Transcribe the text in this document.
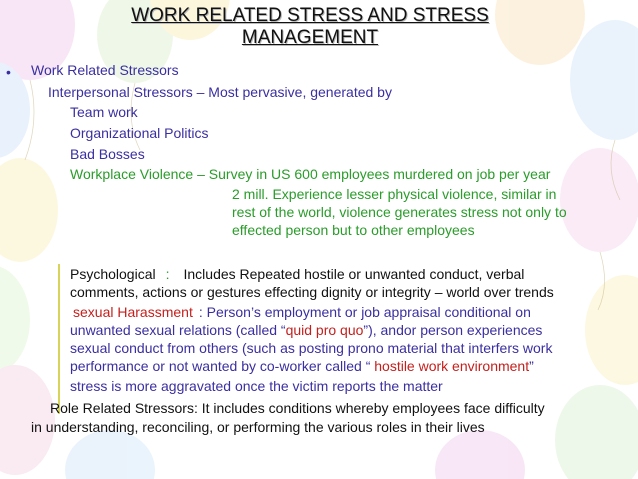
WORK RELATED STRESS AND STRESS
MANAGEMENT
• Work Related Stressors
Interpersonal Stressors – Most pervasive, generated by
Team work
Organizational Politics
Bad Bosses
Workplace Violence – Survey in US 600 employees murdered on job per year
2 mill. Experience lesser physical violence, similar in
rest of the world, violence generates stress not only to
effected person but to other employees
Psychological : Includes Repeated hostile or unwanted conduct, verbal
comments, actions or gestures effecting dignity or integrity – world over trends
sexual Harassment : Person’s employment or job appraisal conditional on
unwanted sexual relations (called “quid pro quo”), andor person experiences
sexual conduct from others (such as posting prono material that interfers work
performance or not wanted by co-worker called “ hostile work environment”
stress is more aggravated once the victim reports the matter
Role Related Stressors: It includes conditions whereby employees face difficulty
in understanding, reconciling, or performing the various roles in their lives
